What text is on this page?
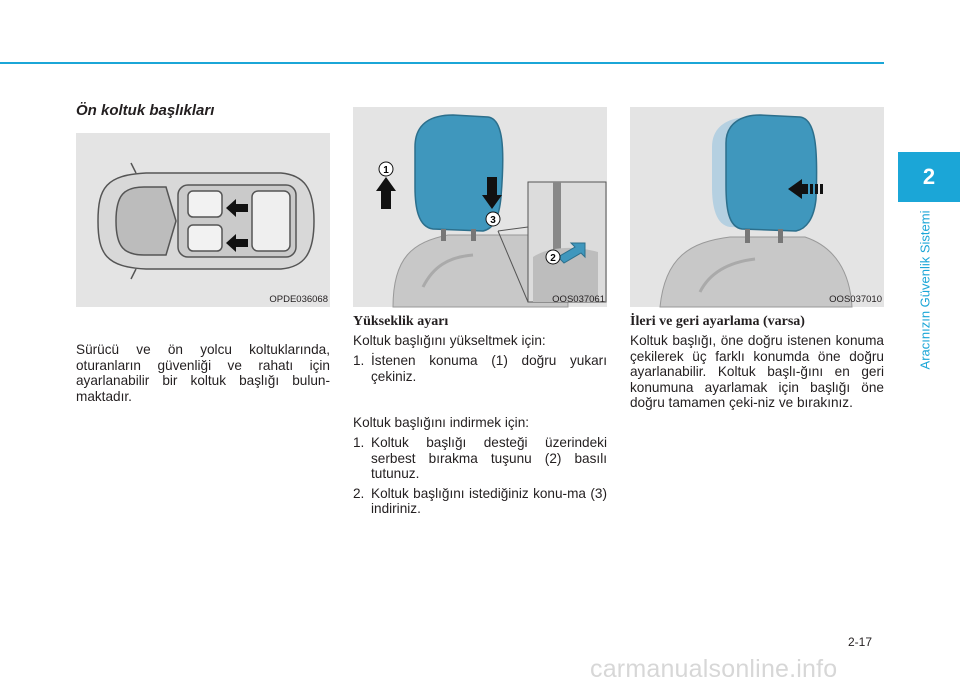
2
Aracınızın Güvenlik Sistemi
Ön koltuk başlıkları
OPDE036068
1
3
2
OOS037061	OOS037010

Sürücü ve ön yolcu koltuklarında, oturanların güvenliği ve rahatı için ayarlanabilir bir koltuk başlığı bulun-maktadır.

Yükseklik ayarı

Koltuk başlığını yükseltmek için:

1. İstenen konuma (1) doğru yukarı çekiniz.

Koltuk başlığını indirmek için:

1. Koltuk başlığı desteği üzerindeki serbest bırakma tuşunu (2) basılı tutunuz.
2. Koltuk başlığını istediğiniz konu-ma (3) indiriniz.
İleri ve geri ayarlama (varsa)

Koltuk başlığı, öne doğru istenen konuma çekilerek üç farklı konumda öne doğru ayarlanabilir. Koltuk başlı-ğını en geri konumuna ayarlamak için başlığı öne doğru tamamen çeki-niz ve bırakınız.

2-17
carmanualsonline.info
